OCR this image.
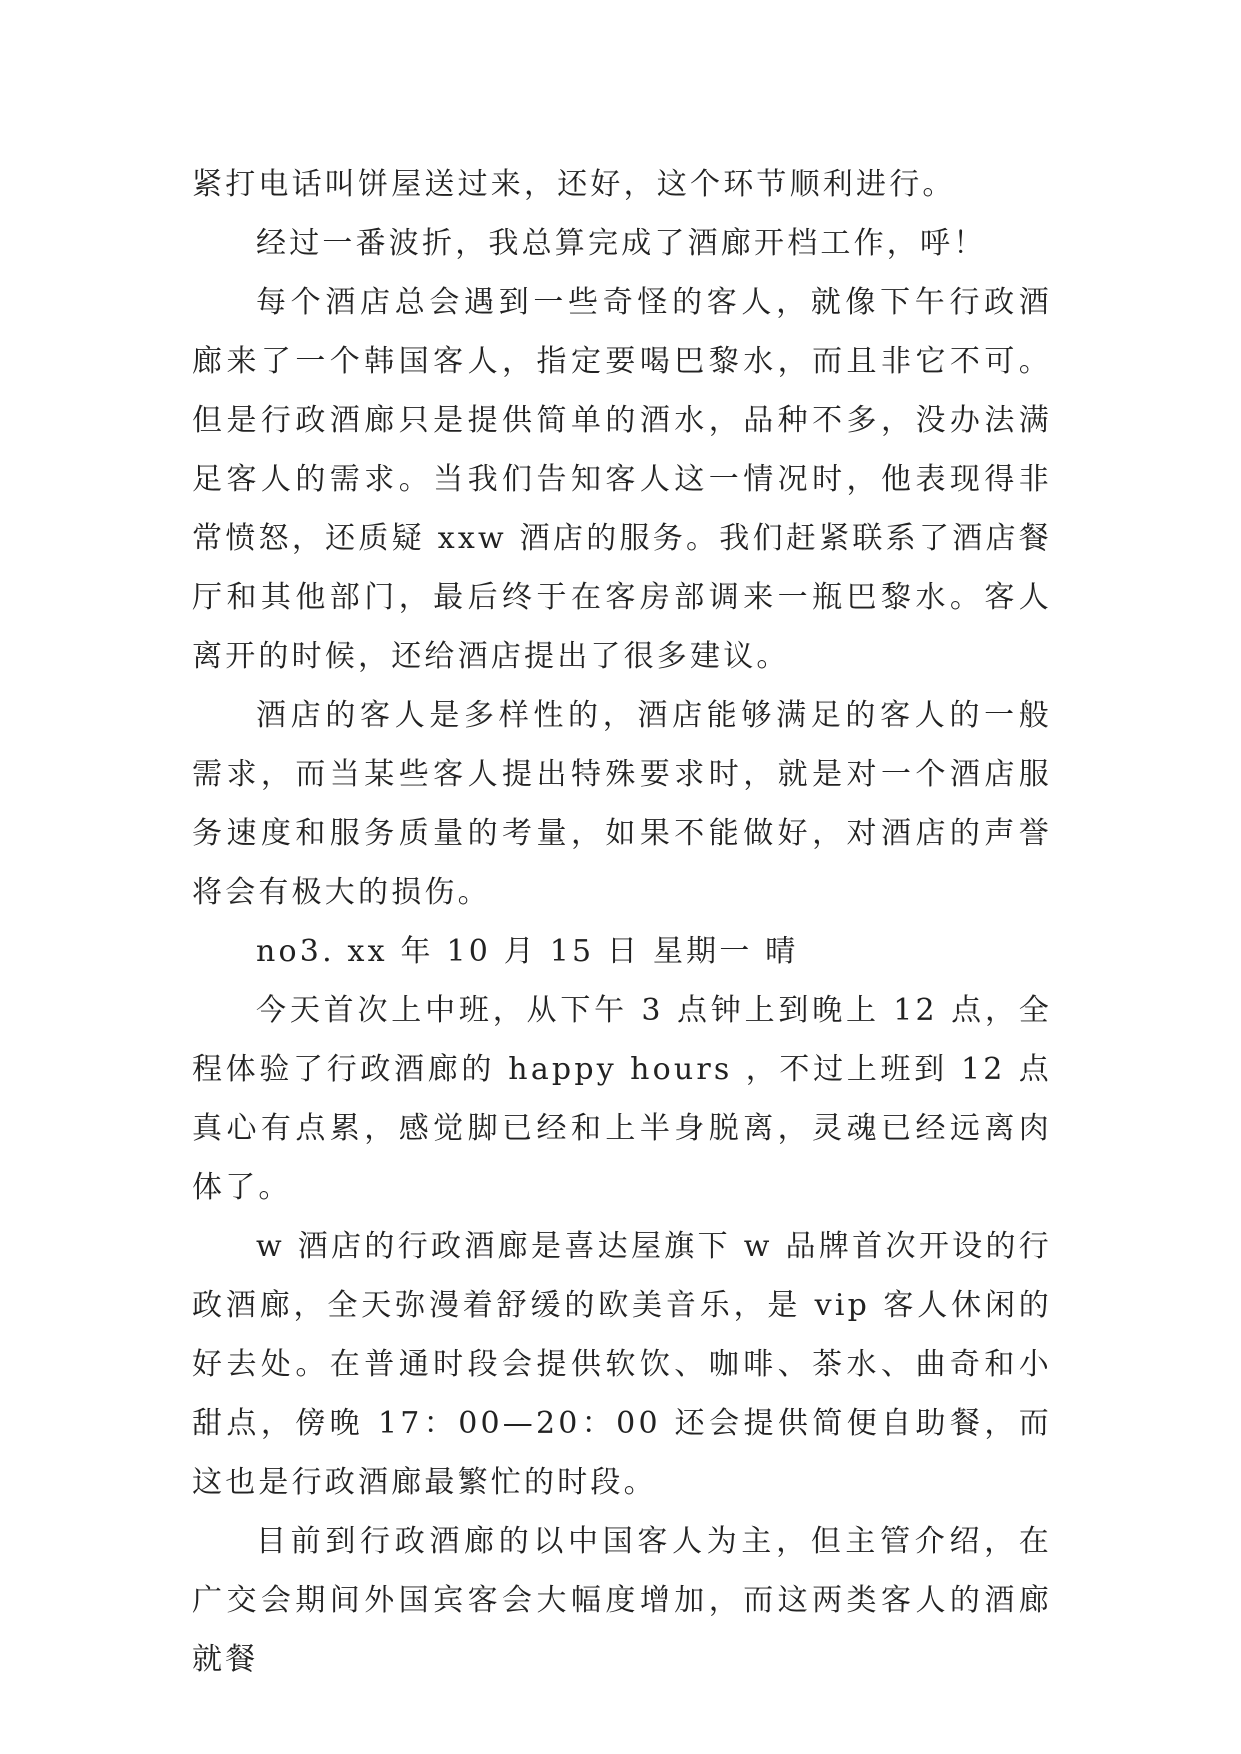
紧打电话叫饼屋送过来，还好，这个环节顺利进行。

经过一番波折，我总算完成了酒廊开档工作，呼！

每个酒店总会遇到一些奇怪的客人，就像下午行政酒廊来了一个韩国客人，指定要喝巴黎水，而且非它不可。但是行政酒廊只是提供简单的酒水，品种不多，没办法满足客人的需求。当我们告知客人这一情况时，他表现得非常愤怒，还质疑 xxw 酒店的服务。我们赶紧联系了酒店餐厅和其他部门，最后终于在客房部调来一瓶巴黎水。客人离开的时候，还给酒店提出了很多建议。

酒店的客人是多样性的，酒店能够满足的客人的一般需求，而当某些客人提出特殊要求时，就是对一个酒店服务速度和服务质量的考量，如果不能做好，对酒店的声誉将会有极大的损伤。

no3. xx 年 10 月 15 日 星期一 晴

今天首次上中班，从下午 3 点钟上到晚上 12 点，全程体验了行政酒廊的 happy hours ，不过上班到 12 点真心有点累，感觉脚已经和上半身脱离，灵魂已经远离肉体了。

w 酒店的行政酒廊是喜达屋旗下 w 品牌首次开设的行政酒廊，全天弥漫着舒缓的欧美音乐，是 vip 客人休闲的好去处。在普通时段会提供软饮、咖啡、茶水、曲奇和小甜点，傍晚 17：00—20：00 还会提供简便自助餐，而这也是行政酒廊最繁忙的时段。

目前到行政酒廊的以中国客人为主，但主管介绍，在广交会期间外国宾客会大幅度增加，而这两类客人的酒廊就餐
